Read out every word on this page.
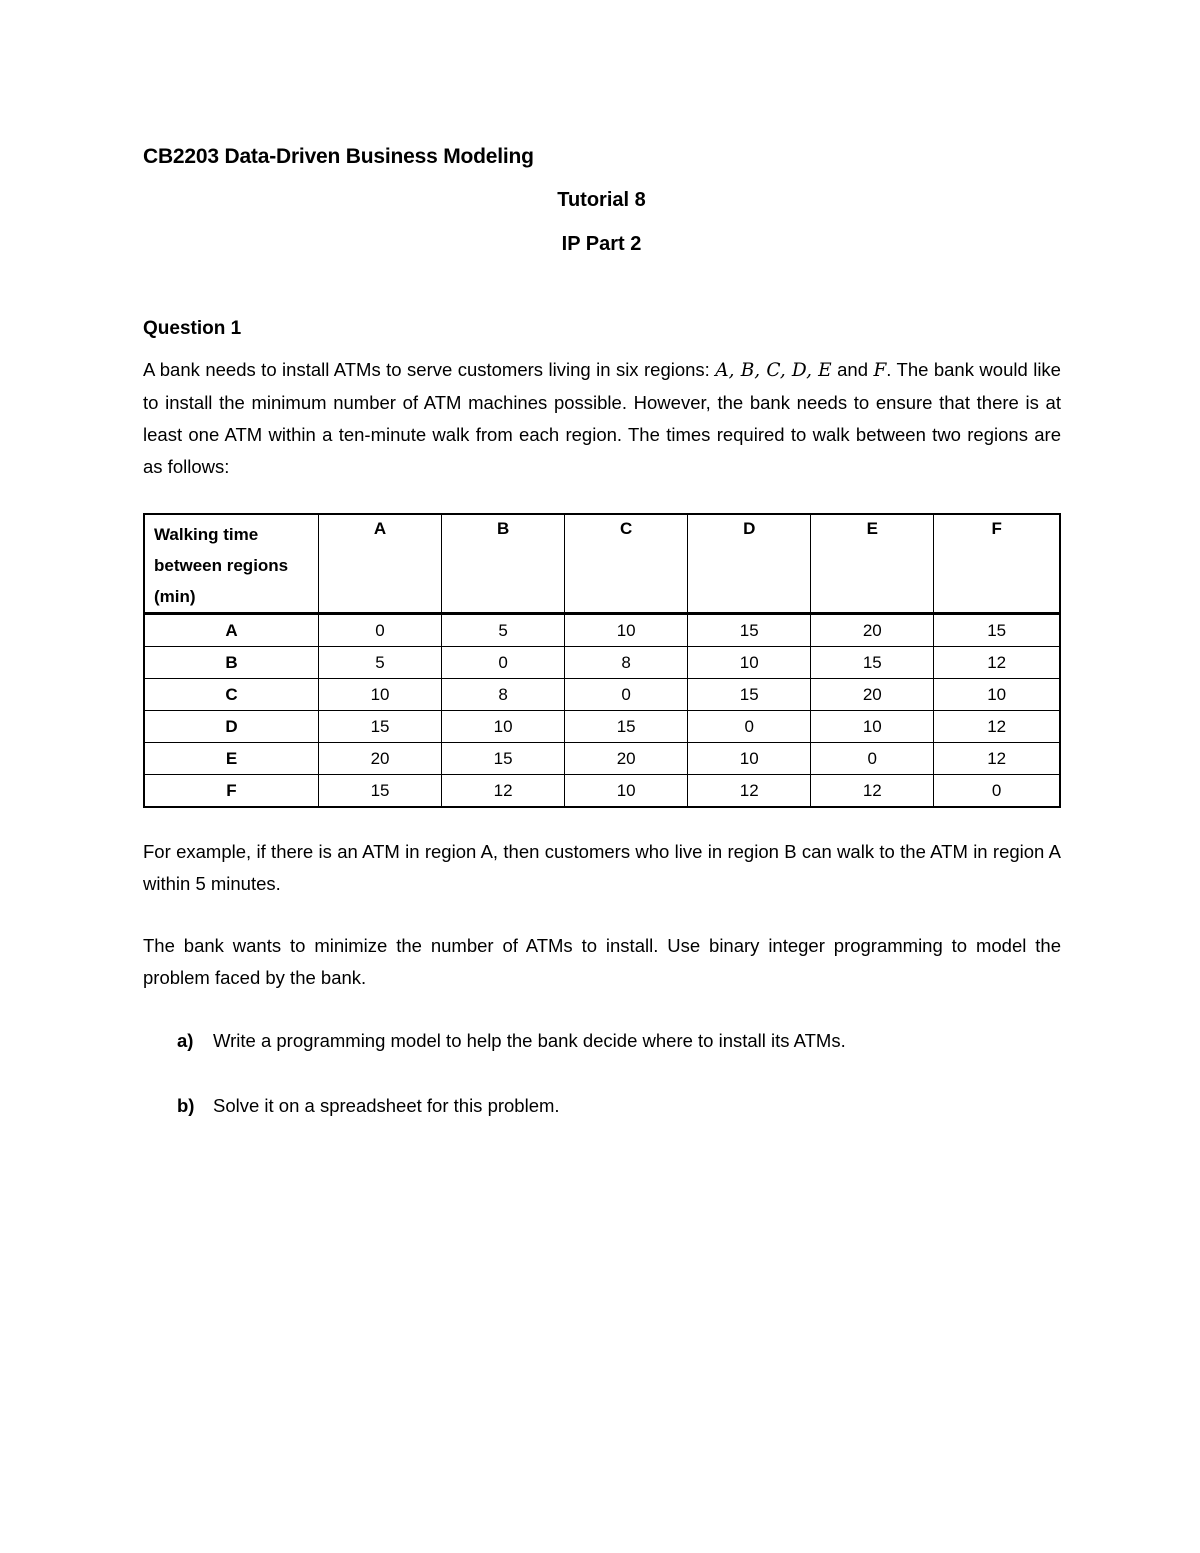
CB2203 Data-Driven Business Modeling
Tutorial 8
IP Part 2
Question 1
A bank needs to install ATMs to serve customers living in six regions: A, B, C, D, E and F. The bank would like to install the minimum number of ATM machines possible. However, the bank needs to ensure that there is at least one ATM within a ten-minute walk from each region. The times required to walk between two regions are as follows:
Walking time between regions (min)	A	B	C	D	E	F
A	0	5	10	15	20	15
B	5	0	8	10	15	12
C	10	8	0	15	20	10
D	15	10	15	0	10	12
E	20	15	20	10	0	12
F	15	12	10	12	12	0
For example, if there is an ATM in region A, then customers who live in region B can walk to the ATM in region A within 5 minutes.
The bank wants to minimize the number of ATMs to install. Use binary integer programming to model the problem faced by the bank.
a) Write a programming model to help the bank decide where to install its ATMs.
b) Solve it on a spreadsheet for this problem.
